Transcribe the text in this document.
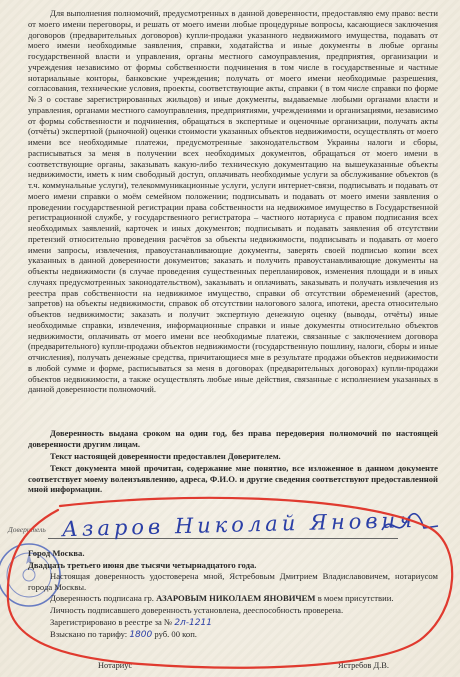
Для выполнения полномочий, предусмотренных в данной доверенности, предоставляю ему право: вести от моего имени переговоры, и решать от моего имени любые процедурные вопросы, касающиеся заключения договоров (предварительных договоров) купли-продажи указанного недвижимого имущества, подавать от моего имени необходимые заявления, справки, ходатайства и иные документы в любые органы государственной власти и управления, органы местного самоуправления, предприятия, организации и учреждения независимо от формы собственности подчинения в том числе в государственные и частные нотариальные конторы, банковские учреждения; получать от моего имени необходимые разрешения, согласования, технические условия, проекты, соответствующие акты, справки ( в том числе справки по форме №3 о составе зарегистрированных жильцов) и иные документы, выдаваемые любыми органами власти и управления, органами местного самоуправления, предприятиями, учреждениями и организациями, независимо от формы собственности и подчинения, обращаться в экспертные и оценочные организации, получать акты (отчёты) экспертной (рыночной) оценки стоимости указанных объектов недвижимости, осуществлять от моего имени все необходимые платежи, предусмотренные законодательством Украины налоги и сборы, расписываться за меня в получении всех необходимых документов, обращаться от моего имени в соответствующие органы, заказывать какую-либо техническую документацию на вышеуказанные объекты недвижимости, иметь к ним свободный доступ, оплачивать необходимые услуги за обслуживание объектов (в т.ч. коммунальные услуги), телекоммуникационные услуги, услуги интернет-связи, подписывать и подавать от моего имени справки о моём семейном положении; подписывать и подавать от моего имени заявления о проведении государственной регистрации права собственности на недвижимое имущество в Государственной регистрационной службе, у государственного регистратора – частного нотариуса с правом подписания всех необходимых заявлений, карточек и иных документов; подписывать и подавать заявления об отсутствии претензий относительно проведения расчётов за объекты недвижимости, подписывать и подавать от моего имени запросы, извлечения, правоустанавливающие документы, заверять своей подписью копии всех указанных в данной доверенности документов; заказать и получить правоустанавливающие документы на объекты недвижимости (в случае проведения существенных перепланировок, изменения площади и в иных случаях предусмотренных законодательством), заказывать и оплачивать, заказывать и получать извлечения из реестра прав собственности на недвижимое имущество, справки об отсутствии обременений (арестов, запретов) на объекты недвижимости, справок об отсутствии налогового залога, ипотеки, ареста относительно объектов недвижимости; заказать и получит экспертную денежную оценку (выводы, отчёты) иные необходимые справки, извлечения, информационные справки и иные документы относительно объектов недвижимости, оплачивать от моего имени все необходимые платежи, связанные с заключением договора (предварительного) купли-продажи объектов недвижимости (государственную пошлину, налоги, сборы и иные отчисления), получать денежные средства, причитающиеся мне в результате продажи объектов недвижимости в любой сумме и форме, расписываться за меня в договорах (предварительных договорах) купли-продажи объектов недвижимости, а также осуществлять любые иные действия, связанные с исполнением указанных в данной доверенности полномочий.

Доверенность выдана сроком на один год, без права передоверия полномочий по настоящей доверенности другим лицам.

Текст настоящей доверенности предоставлен Доверителем.

Текст документа мной прочитан, содержание мне понятно, все изложенное в данном документе соответствует моему волеизъявлению, адреса, Ф.И.О. и другие сведения соответствуют предоставленной мной информации.

Доверитель Азаров Николай Янович
Город Москва.
Двадцать третьего июня две тысячи четырнадцатого года.
Настоящая доверенность удостоверена мной, Ястребовым Дмитрием Владиславовичем, нотариусом города Москвы.
Доверенность подписана гр. АЗАРОВЫМ НИКОЛАЕМ ЯНОВИЧЕМ в моем присутствии.
Личность подписавшего доверенность установлена, дееспособность проверена.
Зарегистрировано в реестре за № 2л-1211
Взыскано по тарифу: 1800 руб. 00 коп.
Нотариус	Ястребов Д.В.
